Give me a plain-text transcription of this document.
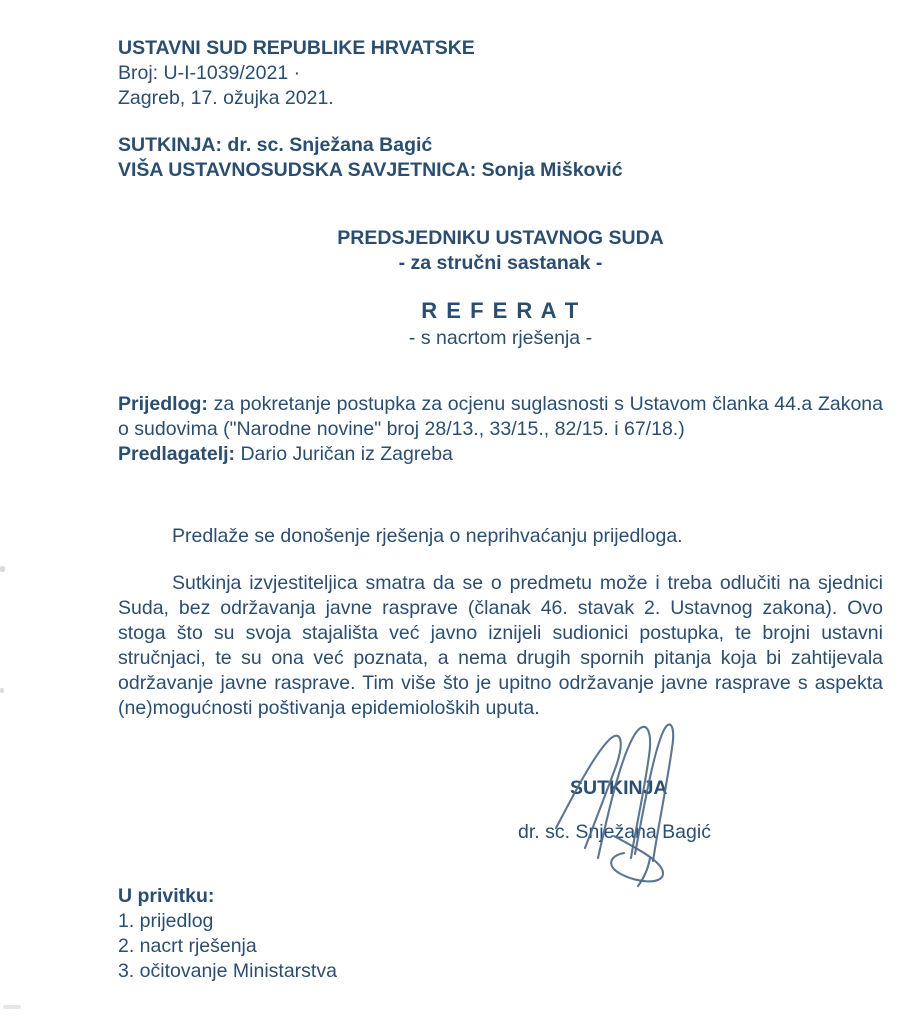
USTAVNI SUD REPUBLIKE HRVATSKE
Broj: U-I-1039/2021 ·
Zagreb, 17. ožujka 2021.
SUTKINJA: dr. sc. Snježana Bagić
VIŠA USTAVNOSUDSKA SAVJETNICA: Sonja Mišković
PREDSJEDNIKU USTAVNOG SUDA
- za stručni sastanak -
R E F E R A T
- s nacrtom rješenja -

Prijedlog: za pokretanje postupka za ocjenu suglasnosti s Ustavom članka 44.a Zakona o sudovima ("Narodne novine" broj 28/13., 33/15., 82/15. i 67/18.)

Predlagatelj: Dario Juričan iz Zagreba

Predlaže se donošenje rješenja o neprihvaćanju prijedloga.

Sutkinja izvjestiteljica smatra da se o predmetu može i treba odlučiti na sjednici Suda, bez održavanja javne rasprave (članak 46. stavak 2. Ustavnog zakona). Ovo stoga što su svoja stajališta već javno iznijeli sudionici postupka, te brojni ustavni stručnjaci, te su ona već poznata, a nema drugih spornih pitanja koja bi zahtijevala održavanje javne rasprave. Tim više što je upitno održavanje javne rasprave s aspekta (ne)mogućnosti poštivanja epidemioloških uputa.

SUTKINJA
dr. sc. Snježana Bagić
U privitku:
1. prijedlog
2. nacrt rješenja
3. očitovanje Ministarstva
